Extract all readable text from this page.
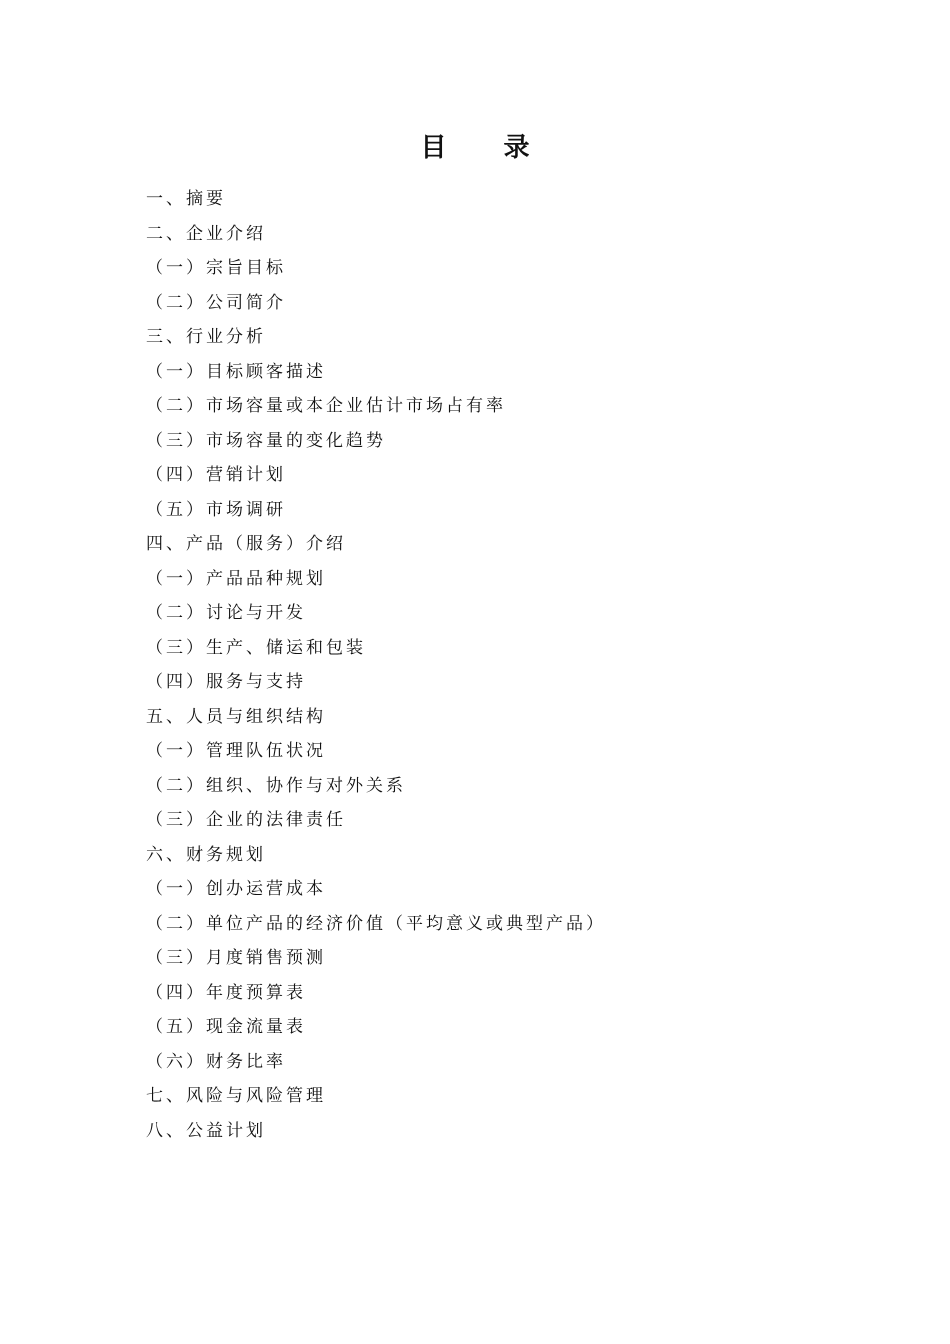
目 录
一、摘要
二、企业介绍
（一）宗旨目标
（二）公司简介
三、行业分析
（一）目标顾客描述
（二）市场容量或本企业估计市场占有率
（三）市场容量的变化趋势
（四）营销计划
（五）市场调研
四、产品（服务）介绍
（一）产品品种规划
（二）讨论与开发
（三）生产、储运和包装
（四）服务与支持
五、人员与组织结构
（一）管理队伍状况
（二）组织、协作与对外关系
（三）企业的法律责任
六、财务规划
（一）创办运营成本
（二）单位产品的经济价值（平均意义或典型产品）
（三）月度销售预测
（四）年度预算表
（五）现金流量表
（六）财务比率
七、风险与风险管理
八、公益计划
